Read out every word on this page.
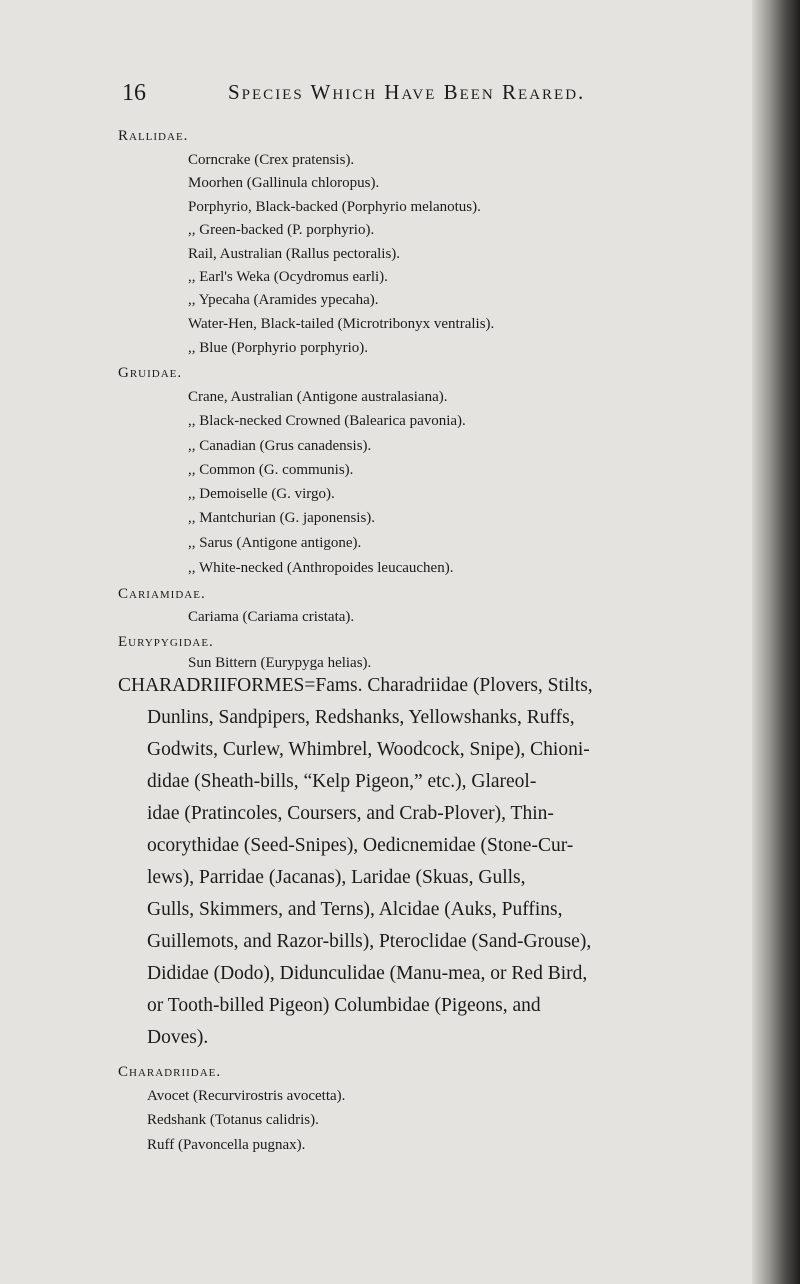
16	Species Which Have Been Reared.
Rallidae.
Corncrake (Crex pratensis).
Moorhen (Gallinula chloropus).
Porphyrio, Black-backed (Porphyrio melanotus).
,, Green-backed (P. porphyrio).
Rail, Australian (Rallus pectoralis).
,, Earl's Weka (Ocydromus earli).
,, Ypecaha (Aramides ypecaha).
Water-Hen, Black-tailed (Microtribonyx ventralis).
,, Blue (Porphyrio porphyrio).
Gruidae.
Crane, Australian (Antigone australasiana).
,, Black-necked Crowned (Balearica pavonia).
,, Canadian (Grus canadensis).
,, Common (G. communis).
,, Demoiselle (G. virgo).
,, Mantchurian (G. japonensis).
,, Sarus (Antigone antigone).
,, White-necked (Anthropoides leucauchen).
Cariamidae.
Cariama (Cariama cristata).
Eurypygidae.
Sun Bittern (Eurypyga helias).
CHARADRIIFORMES=Fams. Charadriidae (Plovers, Stilts,
Dunlins, Sandpipers, Redshanks, Yellowshanks, Ruffs,
Godwits, Curlew, Whimbrel, Woodcock, Snipe), Chioni-
didae (Sheath-bills, “Kelp Pigeon,” etc.), Glareol-
idae (Pratincoles, Coursers, and Crab-Plover), Thin-
ocorythidae (Seed-Snipes), Oedicnemidae (Stone-Cur-
lews), Parridae (Jacanas), Laridae (Skuas, Gulls,
Gulls, Skimmers, and Terns), Alcidae (Auks, Puffins,
Guillemots, and Razor-bills), Pteroclidae (Sand-Grouse),
Dididae (Dodo), Didunculidae (Manu-mea, or Red Bird,
or Tooth-billed Pigeon) Columbidae (Pigeons, and
Doves).
Charadriidae.
Avocet (Recurvirostris avocetta).
Redshank (Totanus calidris).
Ruff (Pavoncella pugnax).
